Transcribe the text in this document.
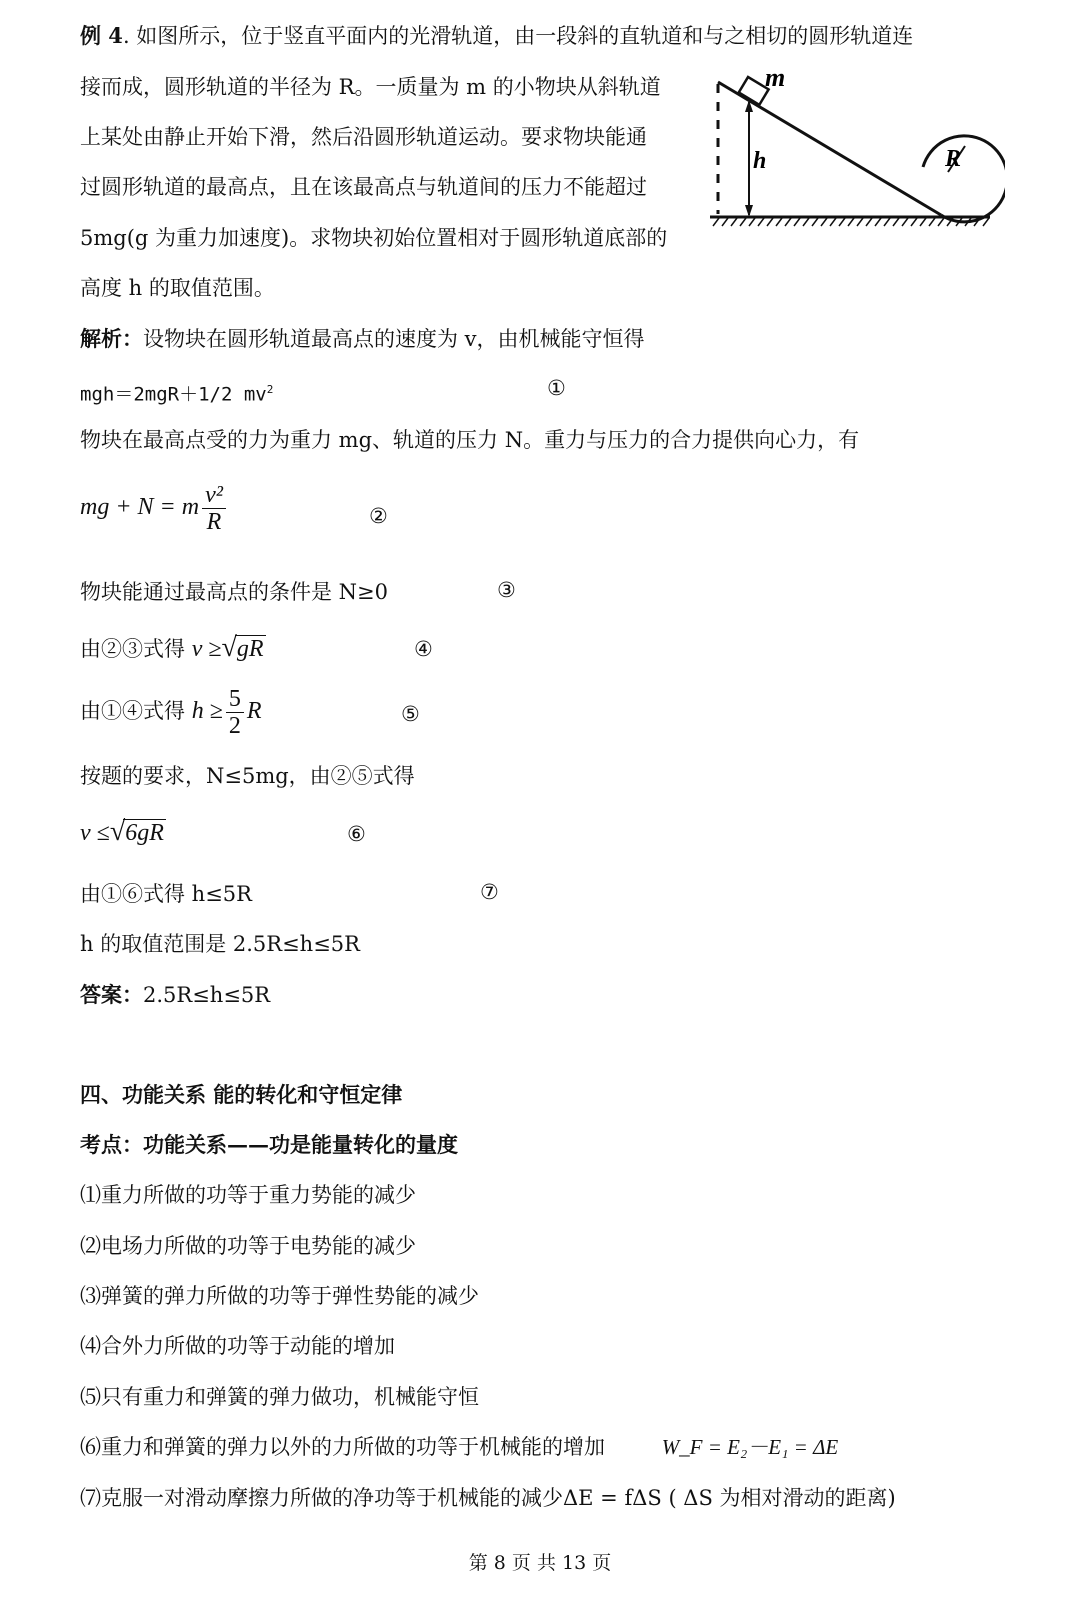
例 4. 如图所示，位于竖直平面内的光滑轨道，由一段斜的直轨道和与之相切的圆形轨道连
接而成，圆形轨道的半径为 R。一质量为 m 的小物块从斜轨道
上某处由静止开始下滑，然后沿圆形轨道运动。要求物块能通
过圆形轨道的最高点，且在该最高点与轨道间的压力不能超过
5mg(g 为重力加速度)。求物块初始位置相对于圆形轨道底部的
高度 h 的取值范围。
m
h	R
解析：设物块在圆形轨道最高点的速度为 v，由机械能守恒得
mgh＝2mgR＋1/2 $mv^2$	①
物块在最高点受的力为重力 mg、轨道的压力 N。重力与压力的合力提供向心力，有
mg + N = m $\frac{\text{v²}}{R}$	②
物块能通过最高点的条件是 N≥0	③
由②③式得 v ≥√gR	④
由①④式得 $h \ge \frac{5}{2}$ R	⑤
按题的要求，N≤5mg，由②⑤式得
v ≤√6gR	⑥
由①⑥式得 h≤5R	⑦
h 的取值范围是 2.5R≤h≤5R
答案：2.5R≤h≤5R
四、功能关系 能的转化和守恒定律
考点：功能关系——功是能量转化的量度
⑴重力所做的功等于重力势能的减少
⑵电场力所做的功等于电势能的减少
⑶弹簧的弹力所做的功等于弹性势能的减少
⑷合外力所做的功等于动能的增加
⑸只有重力和弹簧的弹力做功，机械能守恒
⑹重力和弹簧的弹力以外的力所做的功等于机械能的增加	W_F = E₂－E₁ = ΔE
⑺克服一对滑动摩擦力所做的净功等于机械能的减少ΔE = fΔS ( ΔS 为相对滑动的距离)
第 8 页 共 13 页
